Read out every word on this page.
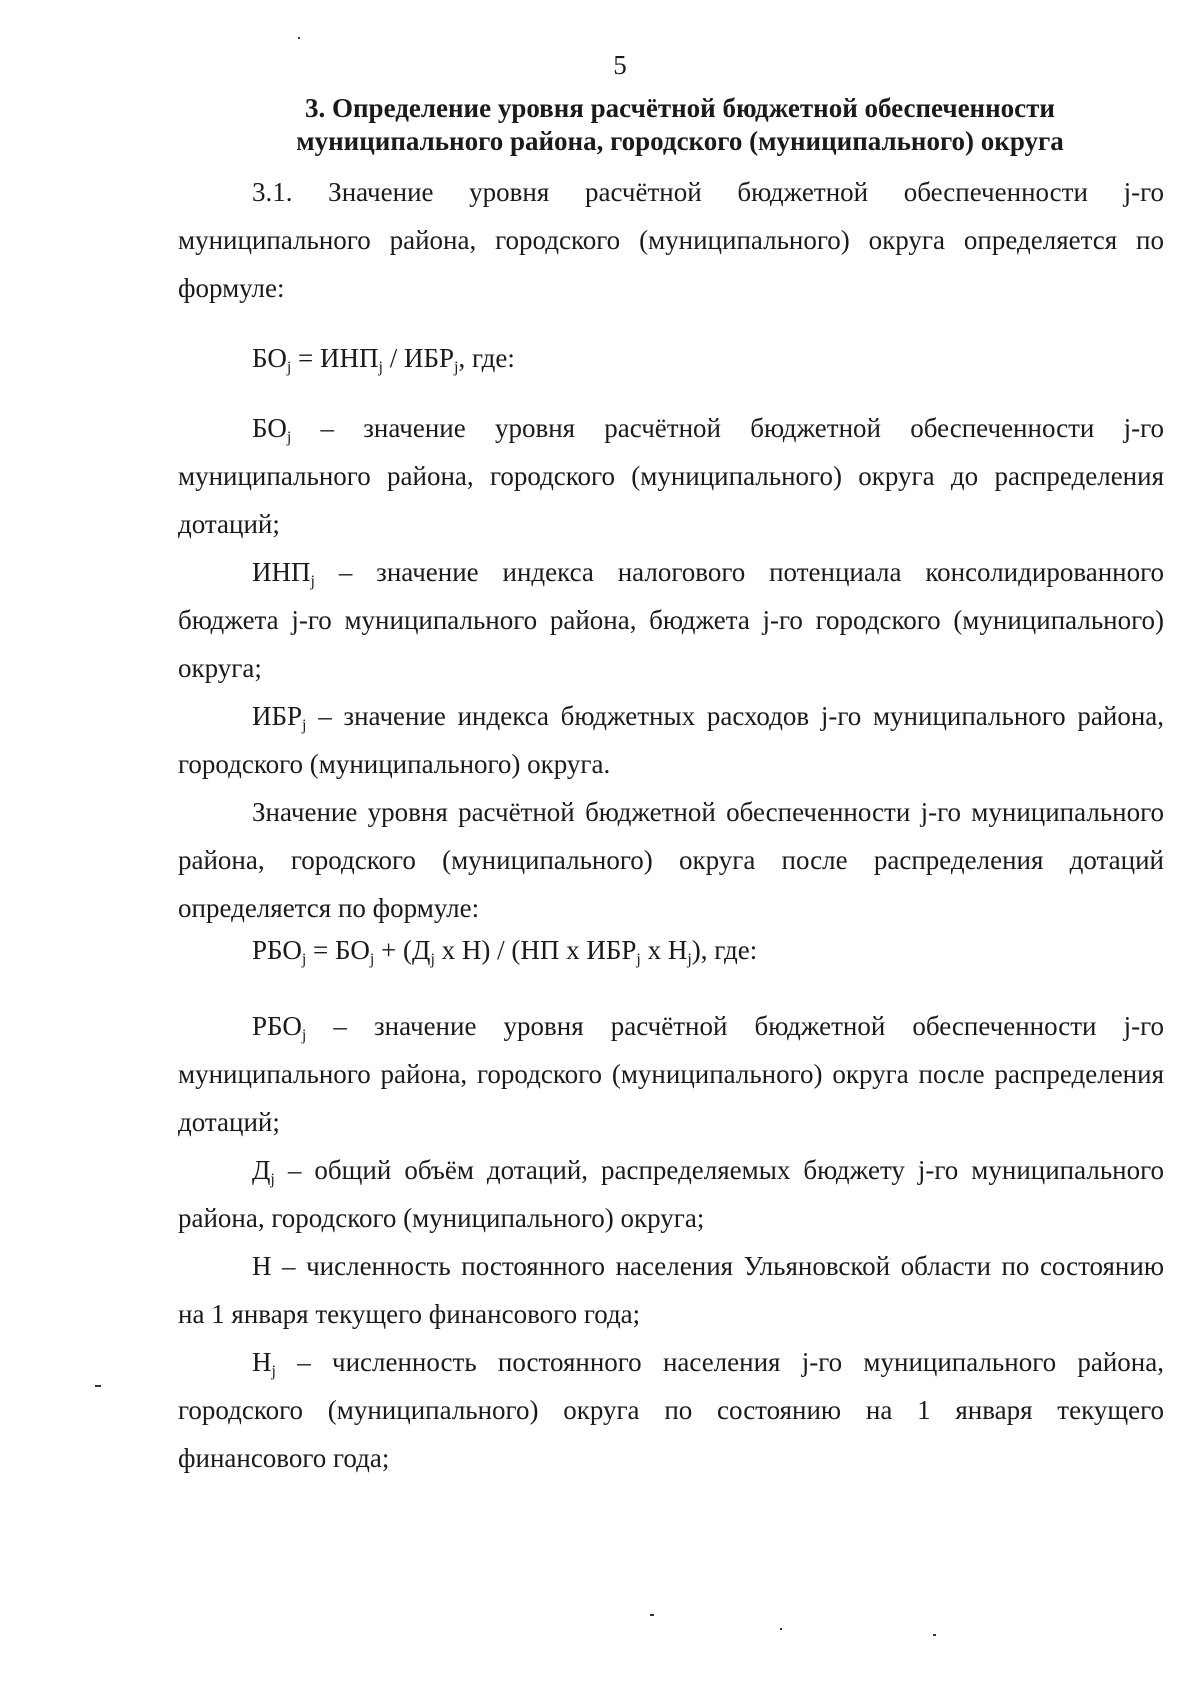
5
3. Определение уровня расчётной бюджетной обеспеченности
муниципального района, городского (муниципального) округа

3.1. Значение уровня расчётной бюджетной обеспеченности j-го муниципального района, городского (муниципального) округа определяется по формуле:

$БО_j = ИНП_j / ИБР_j$, где:

$БО_j$ – значение уровня расчётной бюджетной обеспеченности j-го муниципального района, городского (муниципального) округа до распределения дотаций;

$ИНП_j$ – значение индекса налогового потенциала консолидированного бюджета j-го муниципального района, бюджета j-го городского (муниципального) округа;

$ИБР_j$ – значение индекса бюджетных расходов j-го муниципального района, городского (муниципального) округа.

Значение уровня расчётной бюджетной обеспеченности j-го муниципального района, городского (муниципального) округа после распределения дотаций определяется по формуле:

$РБО_j = БО_j + (Д_j$ x Н) / (НП x $ИБР_j$ x $Н_j$), где:

$РБО_j$ – значение уровня расчётной бюджетной обеспеченности j-го муниципального района, городского (муниципального) округа после распределения дотаций;

$Д_j$ – общий объём дотаций, распределяемых бюджету j-го муниципального района, городского (муниципального) округа;

Н – численность постоянного населения Ульяновской области по состоянию на 1 января текущего финансового года;

$Н_j$ – численность постоянного населения j-го муниципального района, городского (муниципального) округа по состоянию на 1 января текущего финансового года;
